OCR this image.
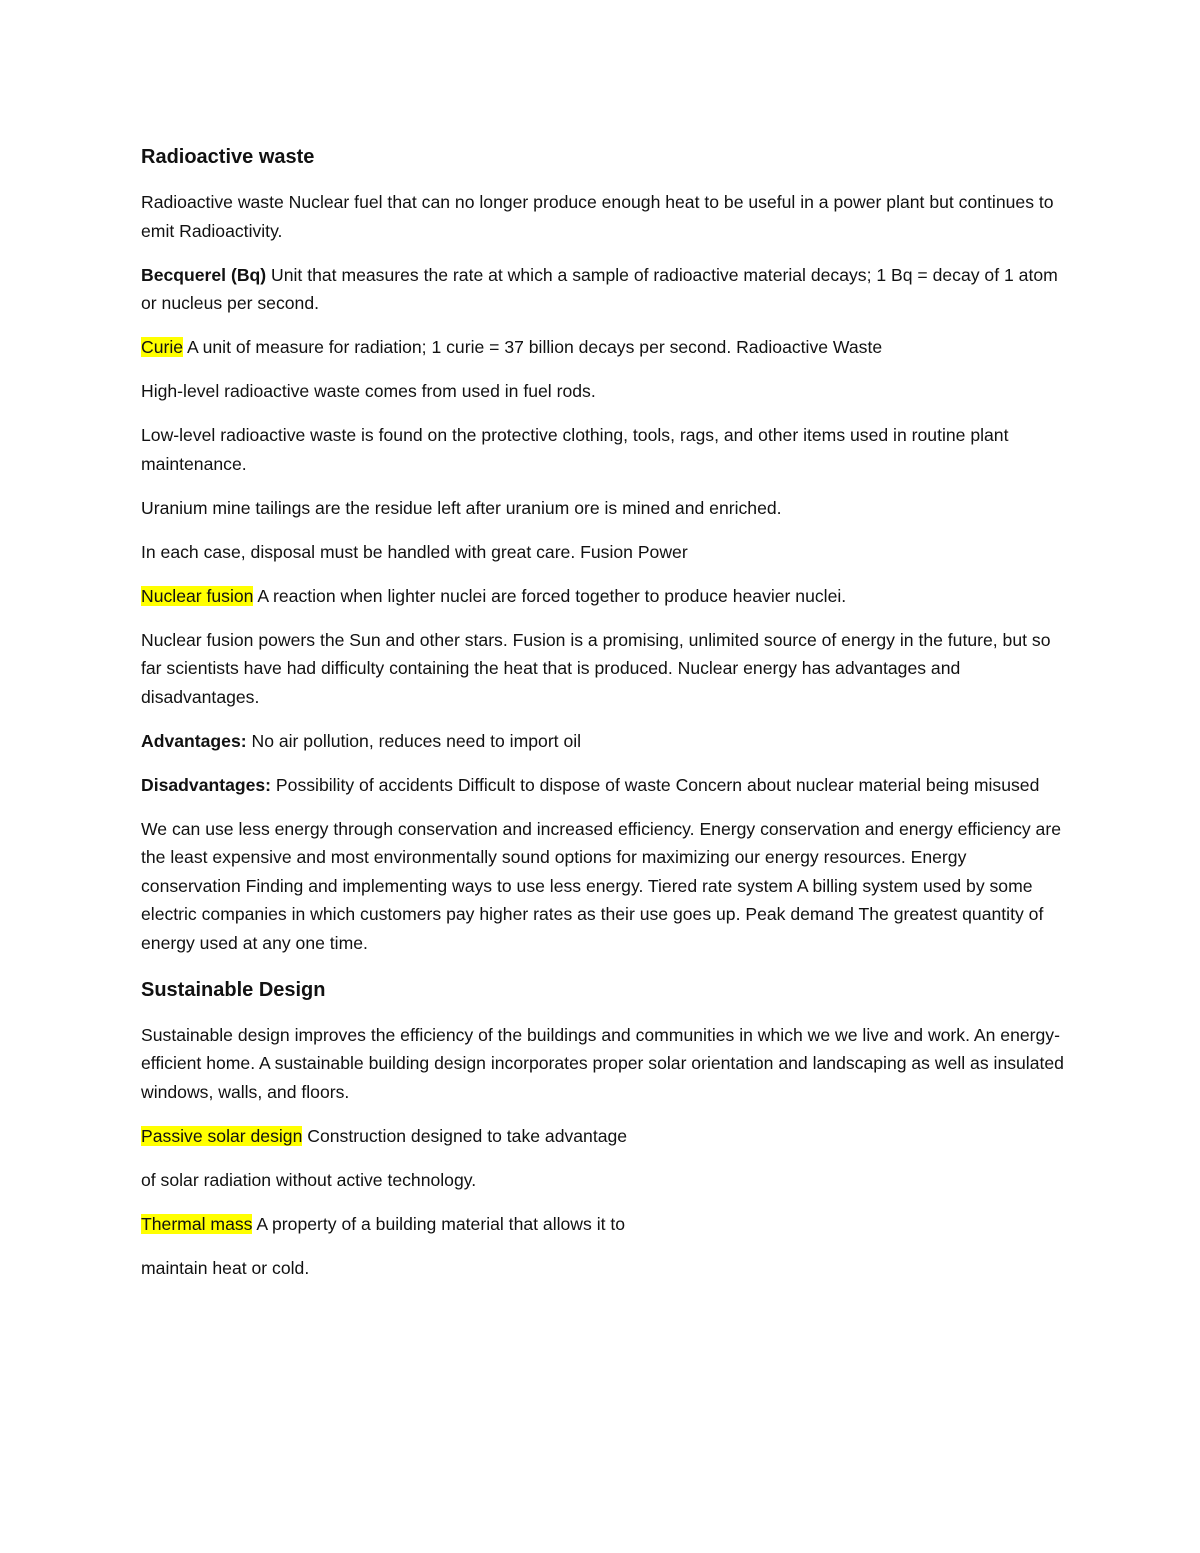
Radioactive waste

Radioactive waste Nuclear fuel that can no longer produce enough heat to be useful in a power plant but continues to emit Radioactivity.

Becquerel (Bq) Unit that measures the rate at which a sample of radioactive material decays; 1 Bq = decay of 1 atom or nucleus per second.

Curie A unit of measure for radiation; 1 curie = 37 billion decays per second. Radioactive Waste

High-level radioactive waste comes from used in fuel rods.

Low-level radioactive waste is found on the protective clothing, tools, rags, and other items used in routine plant maintenance.

Uranium mine tailings are the residue left after uranium ore is mined and enriched.

In each case, disposal must be handled with great care. Fusion Power

Nuclear fusion A reaction when lighter nuclei are forced together to produce heavier nuclei.

Nuclear fusion powers the Sun and other stars. Fusion is a promising, unlimited source of energy in the future, but so far scientists have had difficulty containing the heat that is produced. Nuclear energy has advantages and disadvantages.

Advantages: No air pollution, reduces need to import oil

Disadvantages: Possibility of accidents Difficult to dispose of waste Concern about nuclear material being misused

We can use less energy through conservation and increased efficiency. Energy conservation and energy efficiency are the least expensive and most environmentally sound options for maximizing our energy resources. Energy conservation Finding and implementing ways to use less energy. Tiered rate system A billing system used by some electric companies in which customers pay higher rates as their use goes up. Peak demand The greatest quantity of energy used at any one time.

Sustainable Design

Sustainable design improves the efficiency of the buildings and communities in which we we live and work. An energy-efficient home. A sustainable building design incorporates proper solar orientation and landscaping as well as insulated windows, walls, and floors.

Passive solar design Construction designed to take advantage

of solar radiation without active technology.

Thermal mass A property of a building material that allows it to

maintain heat or cold.
